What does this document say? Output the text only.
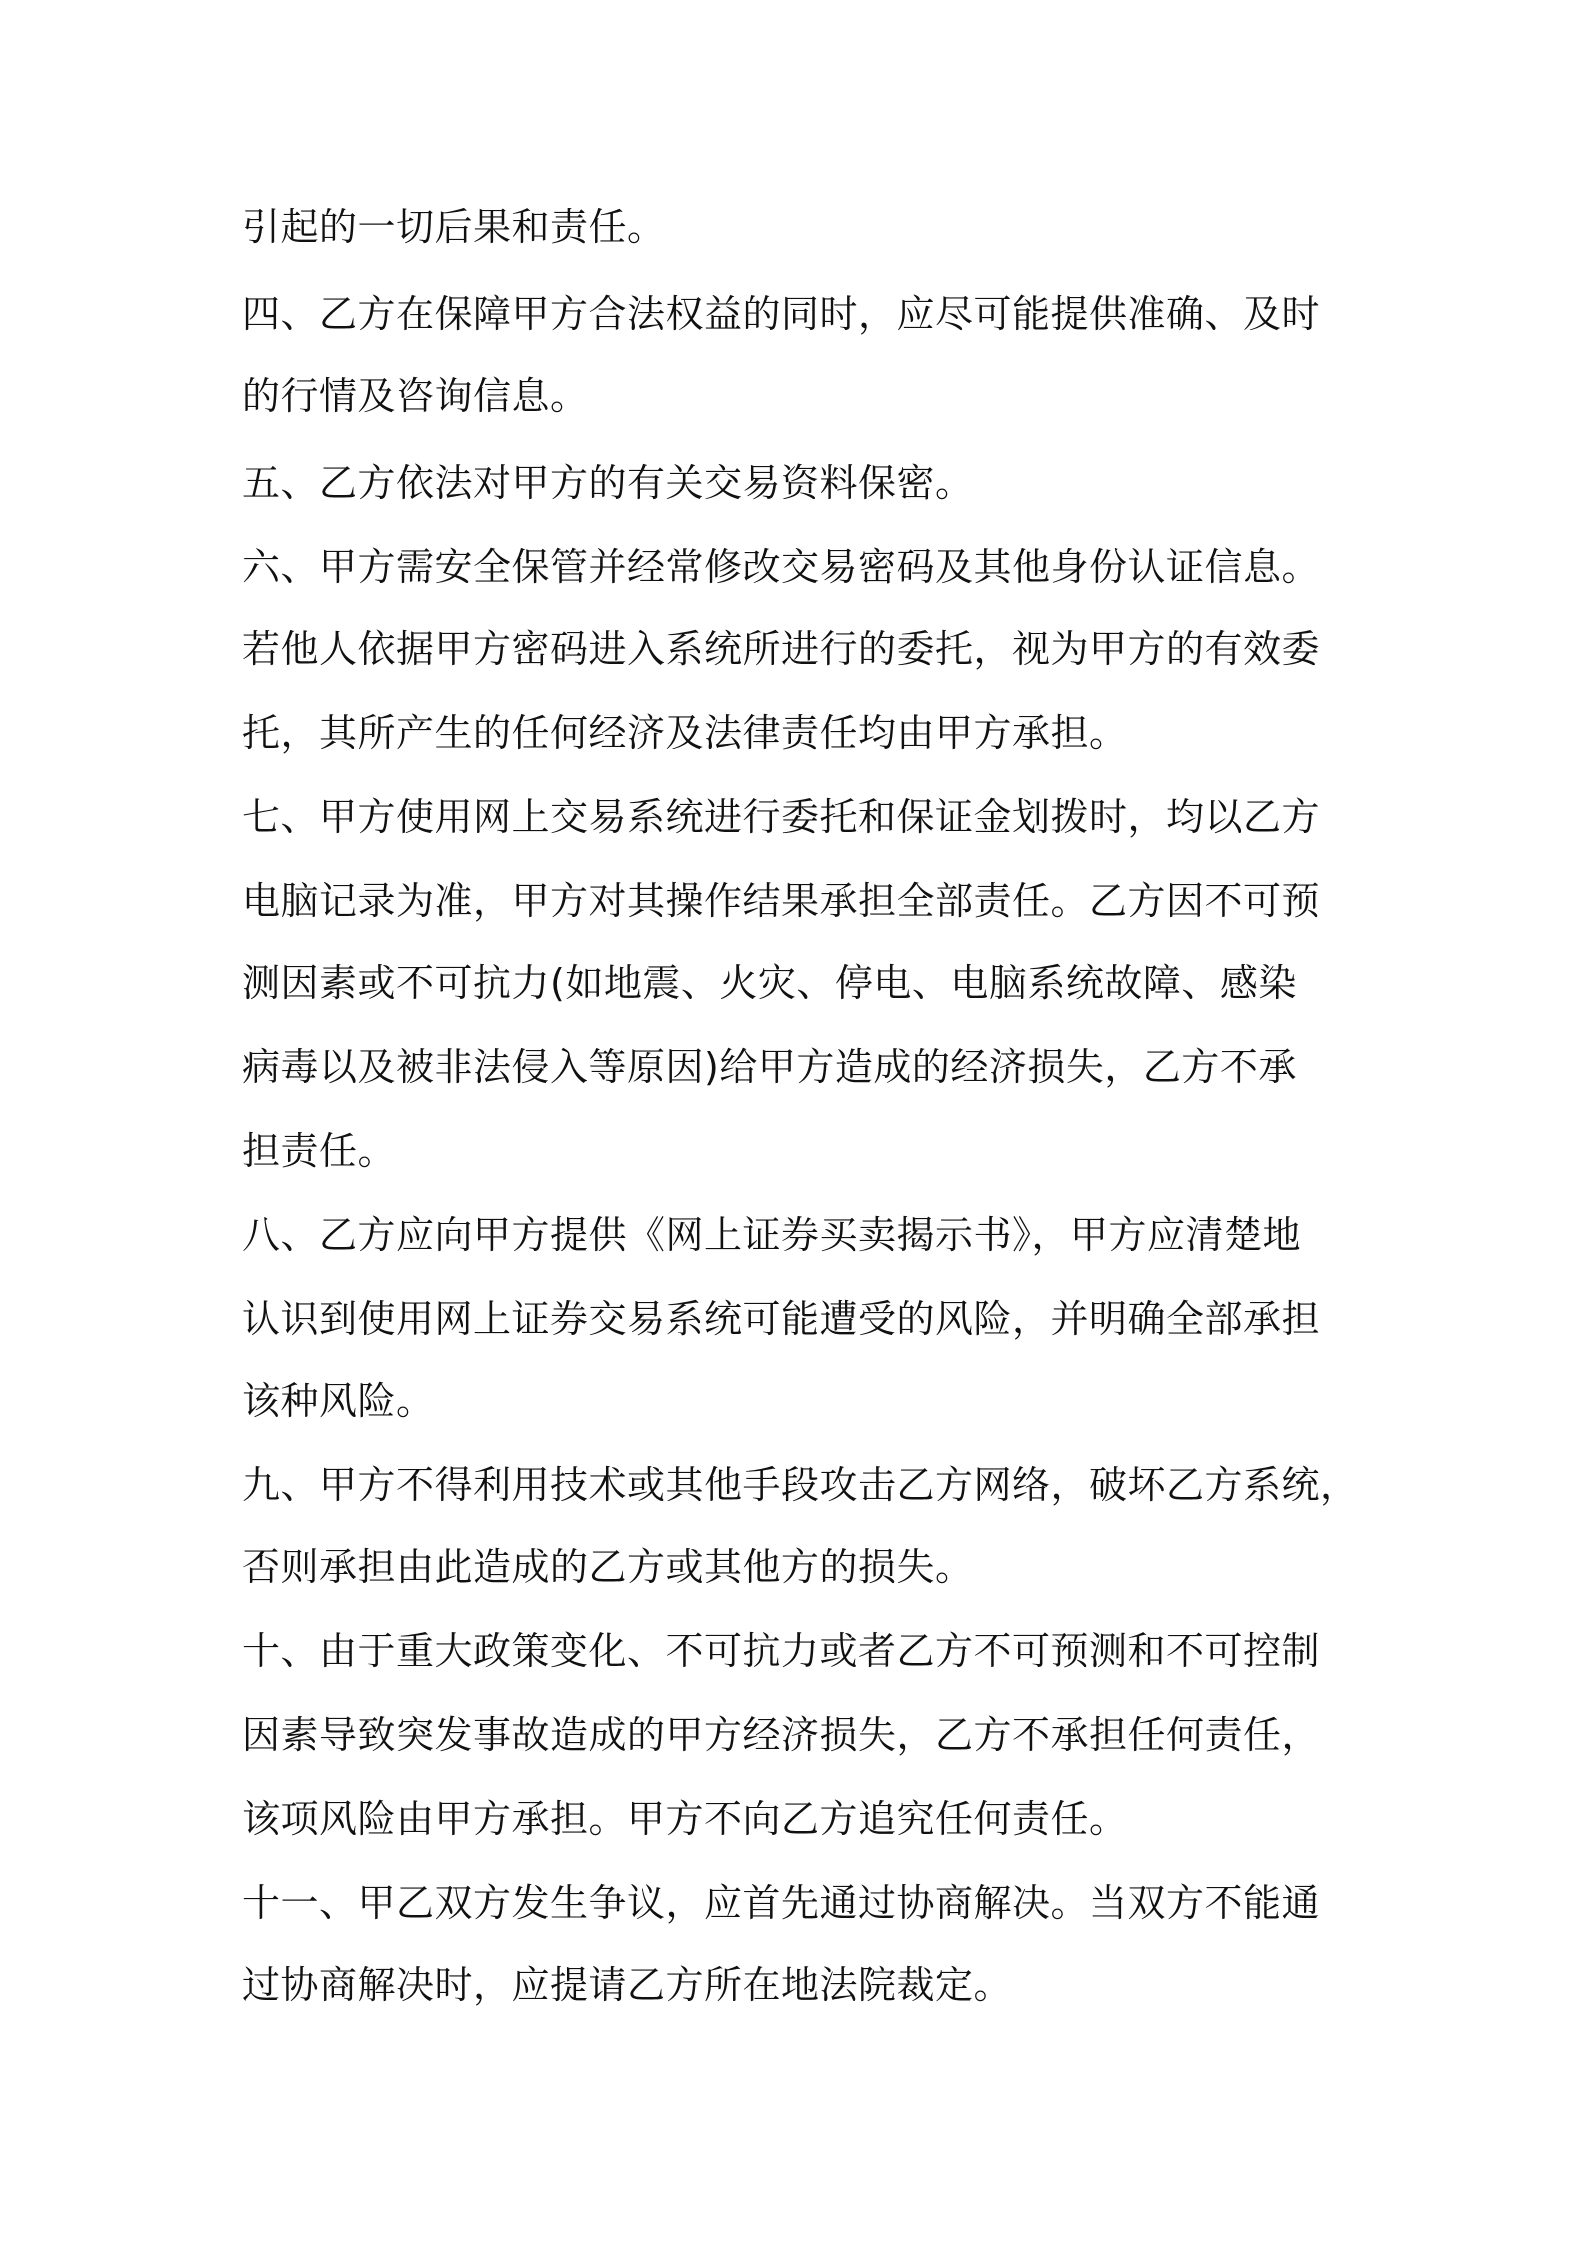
引起的一切后果和责任。
四、乙方在保障甲方合法权益的同时，应尽可能提供准确、及时
的行情及咨询信息。
五、乙方依法对甲方的有关交易资料保密。
六、甲方需安全保管并经常修改交易密码及其他身份认证信息。
若他人依据甲方密码进入系统所进行的委托，视为甲方的有效委
托，其所产生的任何经济及法律责任均由甲方承担。
七、甲方使用网上交易系统进行委托和保证金划拨时，均以乙方
电脑记录为准，甲方对其操作结果承担全部责任。乙方因不可预
测因素或不可抗力(如地震、火灾、停电、电脑系统故障、感染
病毒以及被非法侵入等原因)给甲方造成的经济损失，乙方不承
担责任。
八、乙方应向甲方提供《网上证券买卖揭示书》，甲方应清楚地
认识到使用网上证券交易系统可能遭受的风险，并明确全部承担
该种风险。
九、甲方不得利用技术或其他手段攻击乙方网络，破坏乙方系统，
否则承担由此造成的乙方或其他方的损失。
十、由于重大政策变化、不可抗力或者乙方不可预测和不可控制
因素导致突发事故造成的甲方经济损失，乙方不承担任何责任，
该项风险由甲方承担。甲方不向乙方追究任何责任。
十一、甲乙双方发生争议，应首先通过协商解决。当双方不能通
过协商解决时，应提请乙方所在地法院裁定。
